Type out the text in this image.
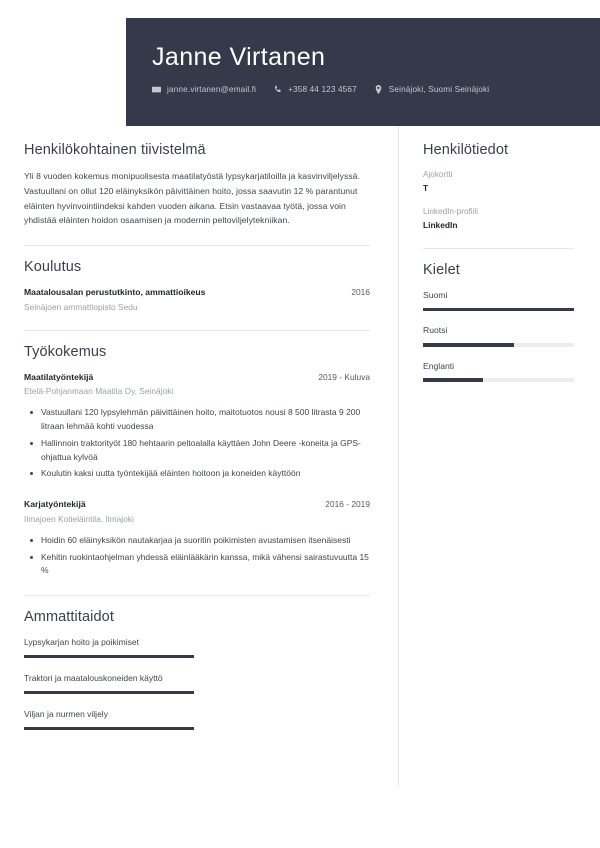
Janne Virtanen
janne.virtanen@email.fi	+358 44 123 4567	Seinäjoki, Suomi Seinäjoki
Henkilökohtainen tiivistelmä

Yli 8 vuoden kokemus monipuolisesta maatilatyöstä lypsykarjatiloilla ja kasvinviljelyssä. Vastuullani on ollut 120 eläinyksikön päivittäinen hoito, jossa saavutin 12 % parantunut eläinten hyvinvointiindeksi kahden vuoden aikana. Etsin vastaavaa työtä, jossa voin yhdistää eläinten hoidon osaamisen ja modernin peltoviljelytekniikan.

Koulutus
Maatalousalan perustutkinto, ammattioikeus	2016
Seinäjoen ammattiopisto Sedu
Työkokemus
Maatilatyöntekijä	2019 - Kuluva
Etelä-Pohjanmaan Maatila Oy, Seinäjoki
Vastuullani 120 lypsylehmän päivittäinen hoito, maitotuotos nousi 8 500 litrasta 9 200 litraan lehmää kohti vuodessa
Hallinnoin traktorityöt 180 hehtaarin peltoalalla käyttäen John Deere -koneita ja GPS-ohjattua kylvöä
Koulutin kaksi uutta työntekijää eläinten hoitoon ja koneiden käyttöön
Karjatyöntekijä	2016 - 2019
Ilmajoen Kotieläintila, Ilmajoki
Hoidin 60 eläinyksikön nautakarjaa ja suoritin poikimisten avustamisen itsenäisesti
Kehitin ruokintaohjelman yhdessä eläinlääkärin kanssa, mikä vähensi sairastuvuutta 15 %
Ammattitaidot
Lypsykarjan hoito ja poikimiset
Traktori ja maatalouskoneiden käyttö
Viljan ja nurmen viljely
Henkilötiedot
Ajokortti
T
LinkedIn-profiili
LinkedIn
Kielet
Suomi
Ruotsi
Englanti
